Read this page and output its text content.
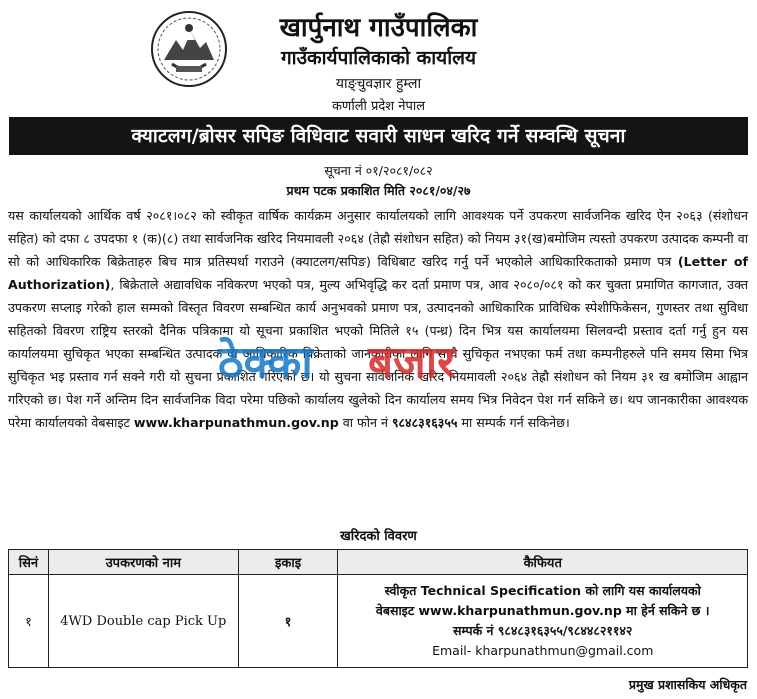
खार्पुनाथ गाउँपालिका
गाउँकार्यपालिकाको कार्यालय
याङ्चुवज्ञार हुम्ला
कर्णाली प्रदेश नेपाल
क्याटलग/ब्रोसर सपिङ विधिवाट सवारी साधन खरिद गर्ने सम्वन्धि सूचना
सूचना नं ०१/२०८१/०८२
प्रथम पटक प्रकाशित मिति २०८१/०४/२७
यस कार्यालयको आर्थिक वर्ष २०८१।०८२ को स्वीकृत वार्षिक कार्यक्रम अनुसार कार्यालयको लागि आवश्यक पर्ने उपकरण सार्वजनिक खरिद ऐन २०६३ (संशोधन सहित) को दफा ८ उपदफा १ (क)(८) तथा सार्वजनिक खरिद नियमावली २०६४ (तेह्रौ संशोधन सहित) को नियम ३१(ख)बमोजिम त्यस्तो उपकरण उत्पादक कम्पनी वा सो को आधिकारिक बिक्रेताहरु बिच मात्र प्रतिस्पर्धा गराउने (क्याटलग/सपिङ) विधिबाट खरिद गर्नु पर्ने भएकोले आधिकारिकताको प्रमाण पत्र (Letter of Authorization), बिक्रेताले अद्यावधिक नविकरण भएको पत्र, मुल्य अभिवृद्धि कर दर्ता प्रमाण पत्र, आव २०८०/०८१ को कर चुक्ता प्रमाणित कागजात, उक्त उपकरण सप्लाइ गरेको हाल सम्मको विस्तृत विवरण सम्बन्धित कार्य अनुभवको प्रमाण पत्र, उत्पादनको आधिकारिक प्राविधिक स्पेशीफिकेसन, गुणस्तर तथा सुविधा सहितको विवरण राष्ट्रिय स्तरको दैनिक पत्रिकामा यो सूचना प्रकाशित भएको मितिले १५ (पन्ध्र) दिन भित्र यस कार्यालयमा सिलवन्दी प्रस्ताव दर्ता गर्नु हुन यस कार्यालयमा सुचिकृत भएका सम्बन्धित उत्पादक वा आधिकारिक बिक्रेताको जानकारीका लागि साथै सुचिकृत नभएका फर्म तथा कम्पनीहरुले पनि समय सिमा भित्र सुचिकृत भइ प्रस्ताव गर्न सक्ने गरी यो सुचना प्रकाशित गरिएको छ। यो सुचना सार्वजनिक खरिद नियमावली २०६४ तेह्रौ संशोधन को नियम ३१ ख बमोजिम आह्वान गरिएको छ। पेश गर्ने अन्तिम दिन सार्वजनिक विदा परेमा पछिको कार्यालय खुलेको दिन कार्यालय समय भित्र निवेदन पेश गर्न सकिने छ। थप जानकारीका आवश्यक परेमा कार्यालयको वेबसाइट www.kharpunathmun.gov.np वा फोन नं ९८४८३१६३५५ मा सम्पर्क गर्न सकिनेछ।
ठेक्का बजार
खरिदको विवरण
सिनं	उपकरणको नाम	इकाइ	कैफियत
१	4WD Double cap Pick Up	१	स्वीकृत Technical Specification को लागि यस कार्यालयको
वेबसाइट www.kharpunathmun.gov.np मा हेर्न सकिने छ ।
सम्पर्क नं ९८४८३१६३५५/९८४४८२११४२
Email- kharpunathmun@gmail.com
प्रमुख प्रशासकिय अधिकृत
